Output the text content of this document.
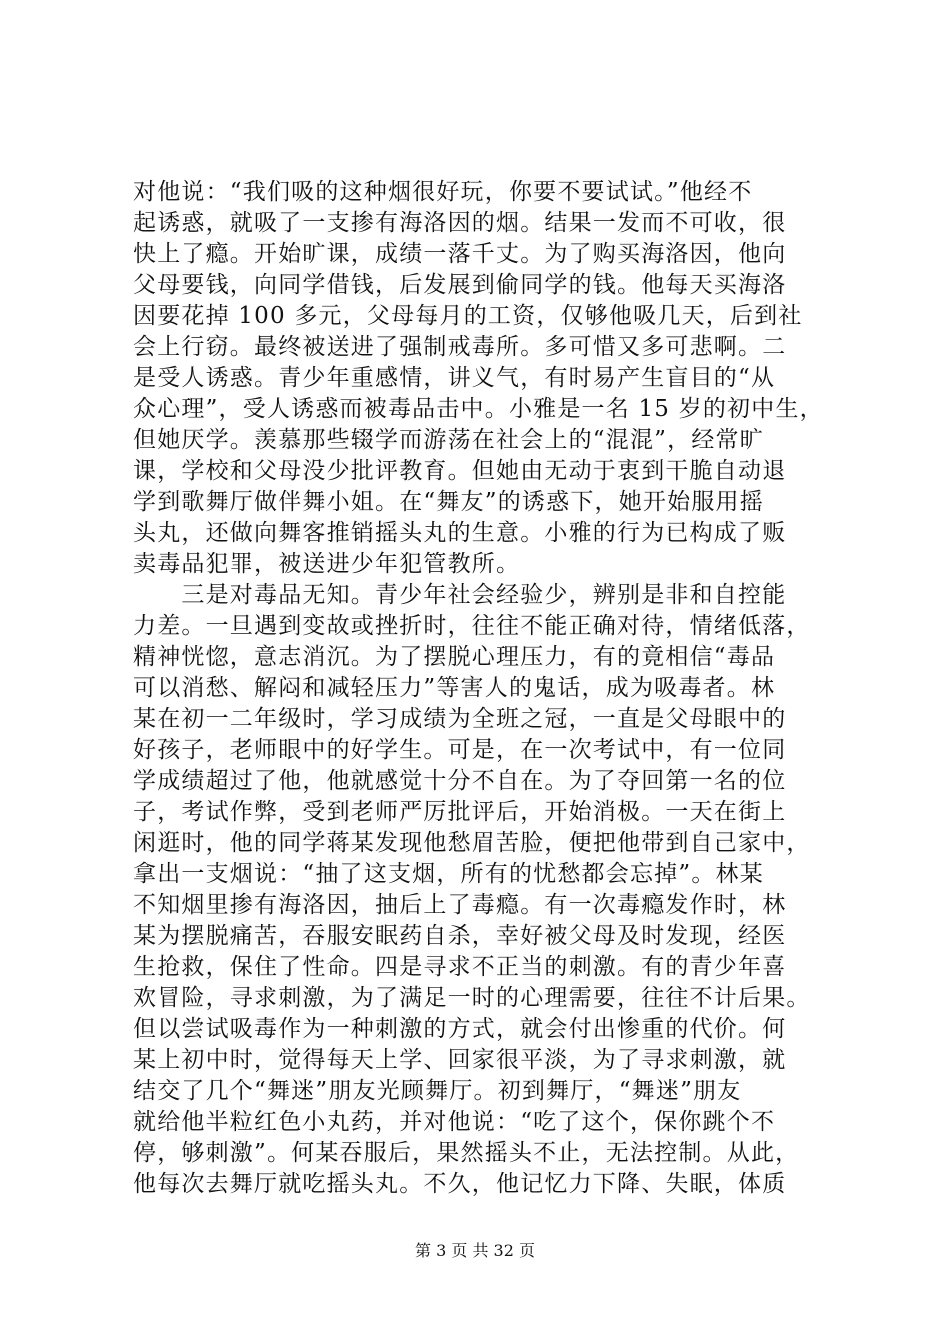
对他说：“我们吸的这种烟很好玩，你要不要试试。”他经不
起诱惑，就吸了一支掺有海洛因的烟。结果一发而不可收，很
快上了瘾。开始旷课，成绩一落千丈。为了购买海洛因，他向
父母要钱，向同学借钱，后发展到偷同学的钱。他每天买海洛
因要花掉 100 多元，父母每月的工资，仅够他吸几天，后到社
会上行窃。最终被送进了强制戒毒所。多可惜又多可悲啊。二
是受人诱惑。青少年重感情，讲义气，有时易产生盲目的“从
众心理”，受人诱惑而被毒品击中。小雅是一名 15 岁的初中生，
但她厌学。羡慕那些辍学而游荡在社会上的“混混”，经常旷
课，学校和父母没少批评教育。但她由无动于衷到干脆自动退
学到歌舞厅做伴舞小姐。在“舞友”的诱惑下，她开始服用摇
头丸，还做向舞客推销摇头丸的生意。小雅的行为已构成了贩
卖毒品犯罪，被送进少年犯管教所。
　　三是对毒品无知。青少年社会经验少，辨别是非和自控能
力差。一旦遇到变故或挫折时，往往不能正确对待，情绪低落，
精神恍惚，意志消沉。为了摆脱心理压力，有的竟相信“毒品
可以消愁、解闷和减轻压力”等害人的鬼话，成为吸毒者。林
某在初一二年级时，学习成绩为全班之冠，一直是父母眼中的
好孩子，老师眼中的好学生。可是，在一次考试中，有一位同
学成绩超过了他，他就感觉十分不自在。为了夺回第一名的位
子，考试作弊，受到老师严厉批评后，开始消极。一天在街上
闲逛时，他的同学蒋某发现他愁眉苦脸，便把他带到自己家中，
拿出一支烟说：“抽了这支烟，所有的忧愁都会忘掉”。林某
不知烟里掺有海洛因，抽后上了毒瘾。有一次毒瘾发作时，林
某为摆脱痛苦，吞服安眠药自杀，幸好被父母及时发现，经医
生抢救，保住了性命。四是寻求不正当的刺激。有的青少年喜
欢冒险，寻求刺激，为了满足一时的心理需要，往往不计后果。
但以尝试吸毒作为一种刺激的方式，就会付出惨重的代价。何
某上初中时，觉得每天上学、回家很平淡，为了寻求刺激，就
结交了几个“舞迷”朋友光顾舞厅。初到舞厅，“舞迷”朋友
就给他半粒红色小丸药，并对他说：“吃了这个，保你跳个不
停，够刺激”。何某吞服后，果然摇头不止，无法控制。从此，
他每次去舞厅就吃摇头丸。不久，他记忆力下降、失眠，体质
第 3 页 共 32 页
